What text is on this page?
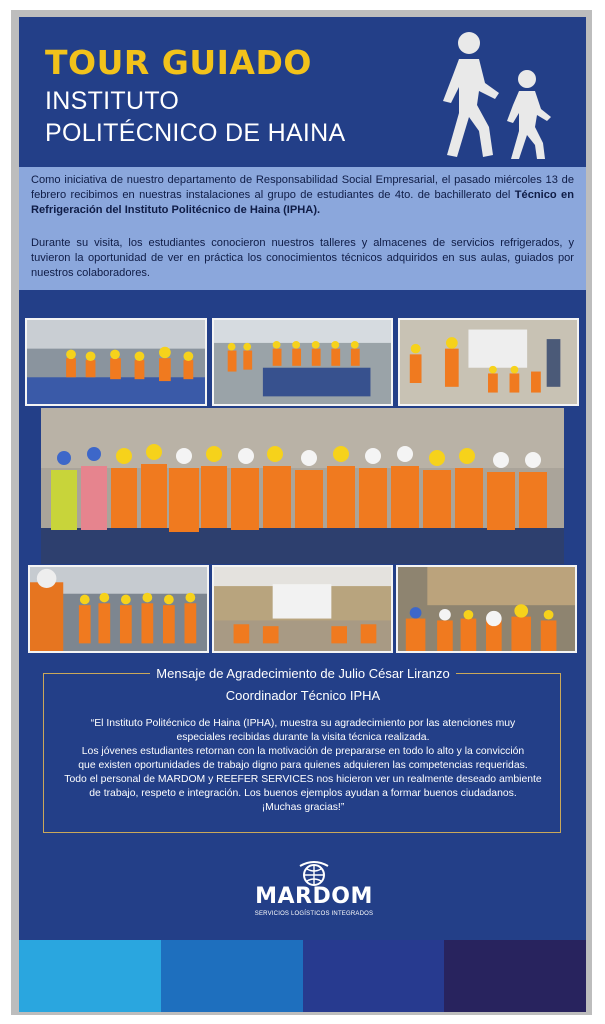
TOUR GUIADO
INSTITUTO
POLITÉCNICO DE HAINA

Como iniciativa de nuestro departamento de Responsabilidad Social Empresarial, el pasado miércoles 13 de febrero recibimos en nuestras instalaciones al grupo de estudiantes de 4to. de bachillerato del Técnico en Refrigeración del Instituto Politécnico de Haina (IPHA).

Durante su visita, los estudiantes conocieron nuestros talleres y almacenes de servicios refrigerados, y tuvieron la oportunidad de ver en práctica los conocimientos técnicos adquiridos en sus aulas, guiados por nuestros colaboradores.

Mensaje de Agradecimiento de Julio César Liranzo
Coordinador Técnico IPHA
“El Instituto Politécnico de Haina (IPHA), muestra su agradecimiento por las atenciones muy
especiales recibidas durante la visita técnica realizada.
Los jóvenes estudiantes retornan con la motivación de prepararse en todo lo alto y la convicción
que existen oportunidades de trabajo digno para quienes adquieren las competencias requeridas.
Todo el personal de MARDOM y REEFER SERVICES nos hicieron ver un realmente deseado ambiente
de trabajo, respeto e integración. Los buenos ejemplos ayudan a formar buenos ciudadanos.
¡Muchas gracias!”
MARDOM
SERVICIOS LOGÍSTICOS INTEGRADOS
